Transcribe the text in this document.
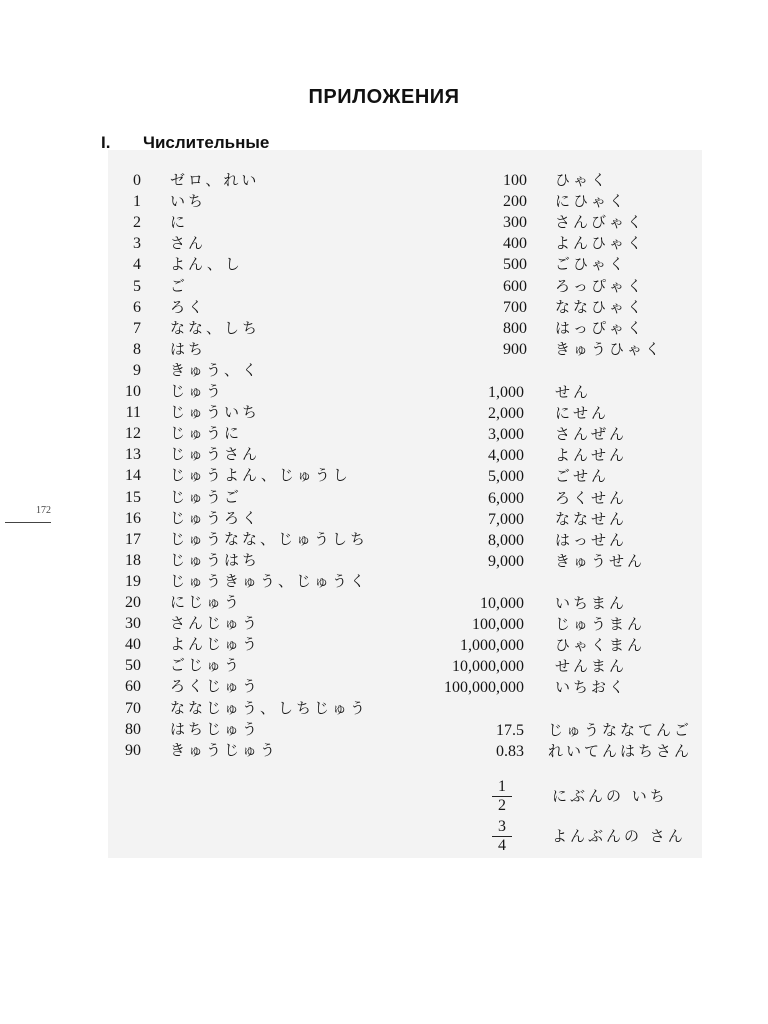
ПРИЛОЖЕНИЯ
I. Числительные
172
0 ゼロ、れい
1 いち
2 に
3 さん
4 よん、し
5 ご
6 ろく
7 なな、しち
8 はち
9 きゅう、く
10 じゅう
11 じゅういち
12 じゅうに
13 じゅうさん
14 じゅうよん、じゅうし
15 じゅうご
16 じゅうろく
17 じゅうなな、じゅうしち
18 じゅうはち
19 じゅうきゅう、じゅうく
20 にじゅう
30 さんじゅう
40 よんじゅう
50 ごじゅう
60 ろくじゅう
70 ななじゅう、しちじゅう
80 はちじゅう
90 きゅうじゅう
100 ひゃく
200 にひゃく
300 さんびゃく
400 よんひゃく
500 ごひゃく
600 ろっぴゃく
700 ななひゃく
800 はっぴゃく
900 きゅうひゃく
1,000 せん
2,000 にせん
3,000 さんぜん
4,000 よんせん
5,000 ごせん
6,000 ろくせん
7,000 ななせん
8,000 はっせん
9,000 きゅうせん
10,000 いちまん
100,000 じゅうまん
1,000,000 ひゃくまん
10,000,000 せんまん
100,000,000 いちおく
17.5 じゅうななてんご
0.83 れいてんはちさん
$\frac{1}{2}$	にぶんの いち
$\frac{3}{4}$	よんぶんの さん
